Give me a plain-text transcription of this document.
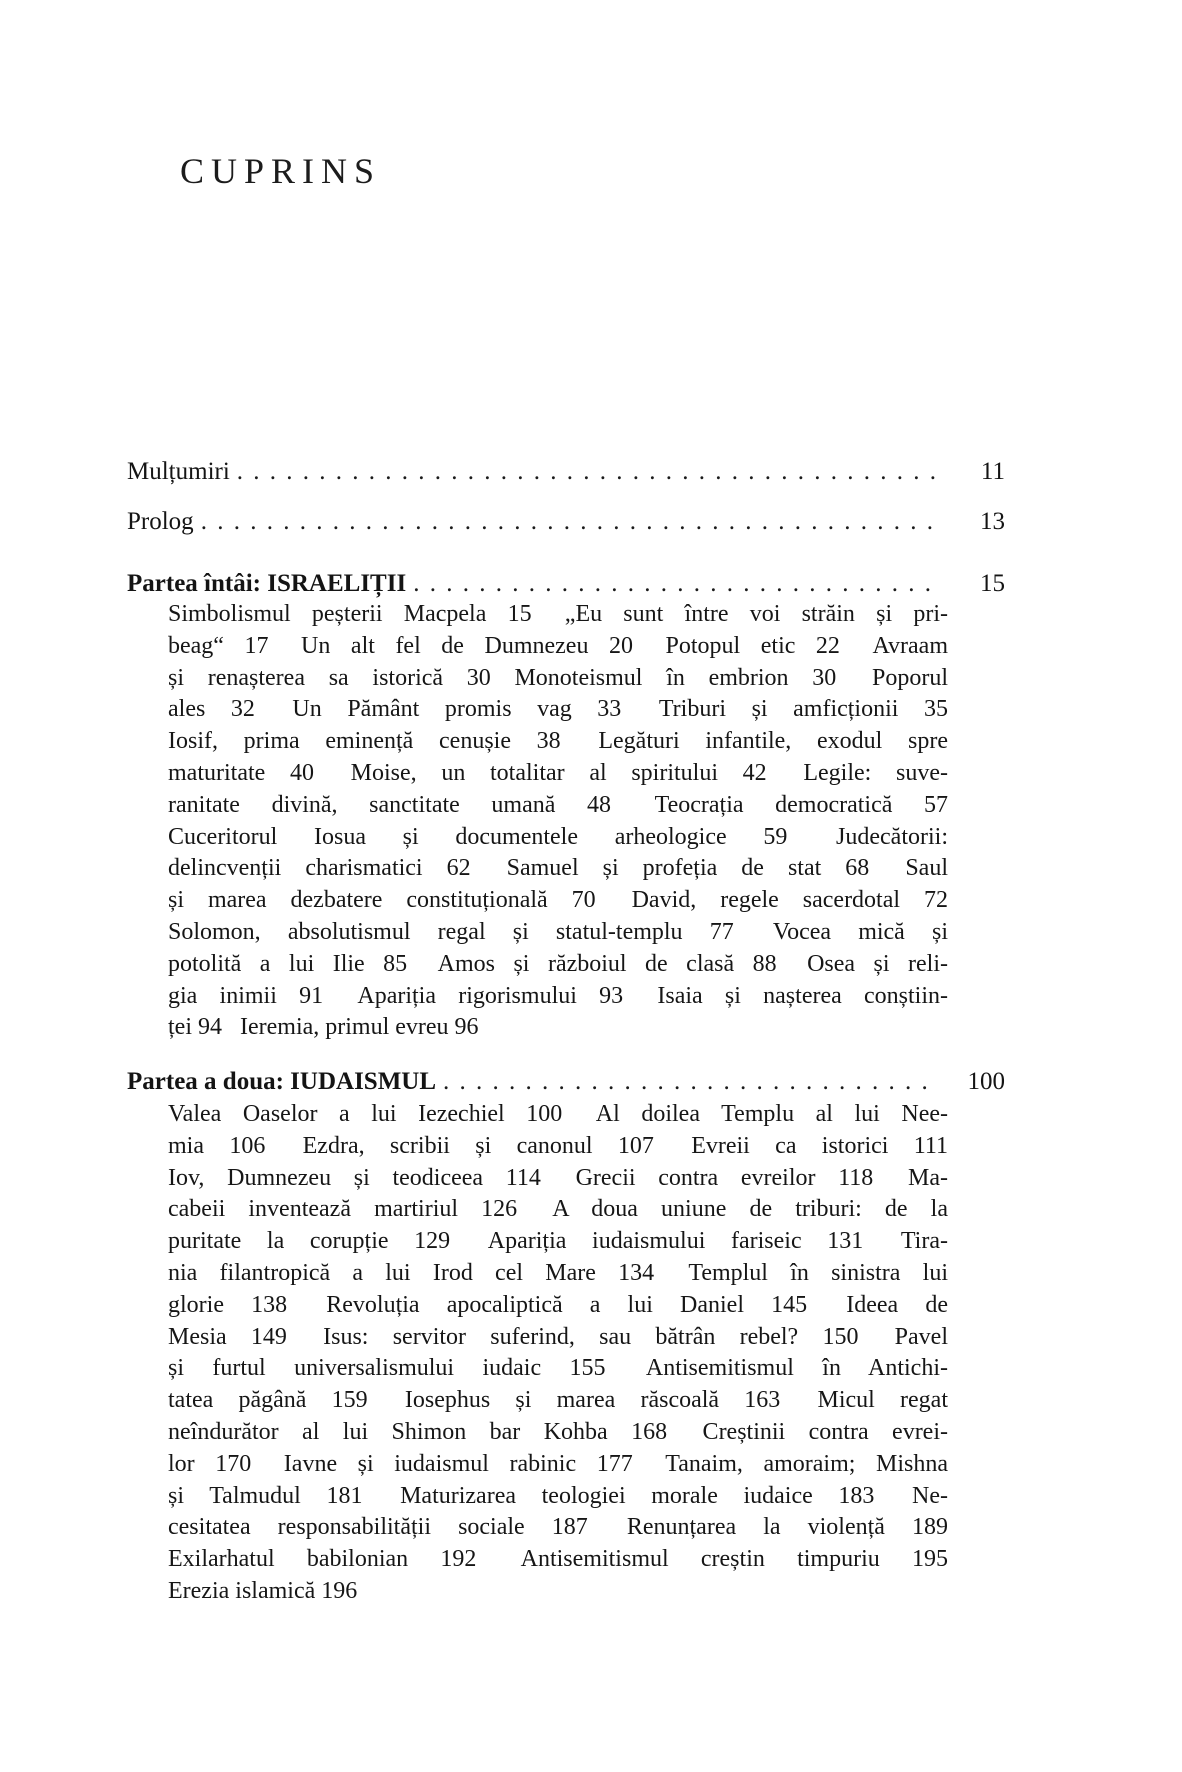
CUPRINS
Mulțumiri . . .	11
Prolog . . .	13
Partea întâi: ISRAELIȚII . . .	15
Simbolismul peșterii Macpela 15  „Eu sunt între voi străin și pri-
beag“ 17  Un alt fel de Dumnezeu 20  Potopul etic 22  Avraam
și renașterea sa istorică 30 Monoteismul în embrion 30  Poporul
ales 32  Un Pământ promis vag 33  Triburi și amficționii 35
Iosif, prima eminență cenușie 38  Legături infantile, exodul spre
maturitate 40  Moise, un totalitar al spiritului 42  Legile: suve-
ranitate divină, sanctitate umană 48  Teocrația democratică 57
Cuceritorul Iosua și documentele arheologice 59  Judecătorii:
delincvenții charismatici 62  Samuel și profeția de stat 68  Saul
și marea dezbatere constituțională 70  David, regele sacerdotal 72
Solomon, absolutismul regal și statul-templu 77  Vocea mică și
potolită a lui Ilie 85  Amos și războiul de clasă 88  Osea și reli-
gia inimii 91  Apariția rigorismului 93  Isaia și nașterea conștiin-
ței 94  Ieremia, primul evreu 96
Partea a doua: IUDAISMUL . . .	100
Valea Oaselor a lui Iezechiel 100  Al doilea Templu al lui Nee-
mia 106  Ezdra, scribii și canonul 107  Evreii ca istorici 111
Iov, Dumnezeu și teodiceea 114  Grecii contra evreilor 118  Ma-
cabeii inventează martiriul 126  A doua uniune de triburi: de la
puritate la corupție 129  Apariția iudaismului fariseic 131  Tira-
nia filantropică a lui Irod cel Mare 134  Templul în sinistra lui
glorie 138  Revoluția apocaliptică a lui Daniel 145  Ideea de
Mesia 149  Isus: servitor suferind, sau bătrân rebel? 150  Pavel
și furtul universalismului iudaic 155  Antisemitismul în Antichi-
tatea păgână 159  Iosephus și marea răscoală 163  Micul regat
neîndurător al lui Shimon bar Kohba 168  Creștinii contra evrei-
lor 170  Iavne și iudaismul rabinic 177  Tanaim, amoraim; Mishna
și Talmudul 181  Maturizarea teologiei morale iudaice 183  Ne-
cesitatea responsabilității sociale 187  Renunțarea la violență 189
Exilarhatul babilonian 192  Antisemitismul creștin timpuriu 195
Erezia islamică 196
